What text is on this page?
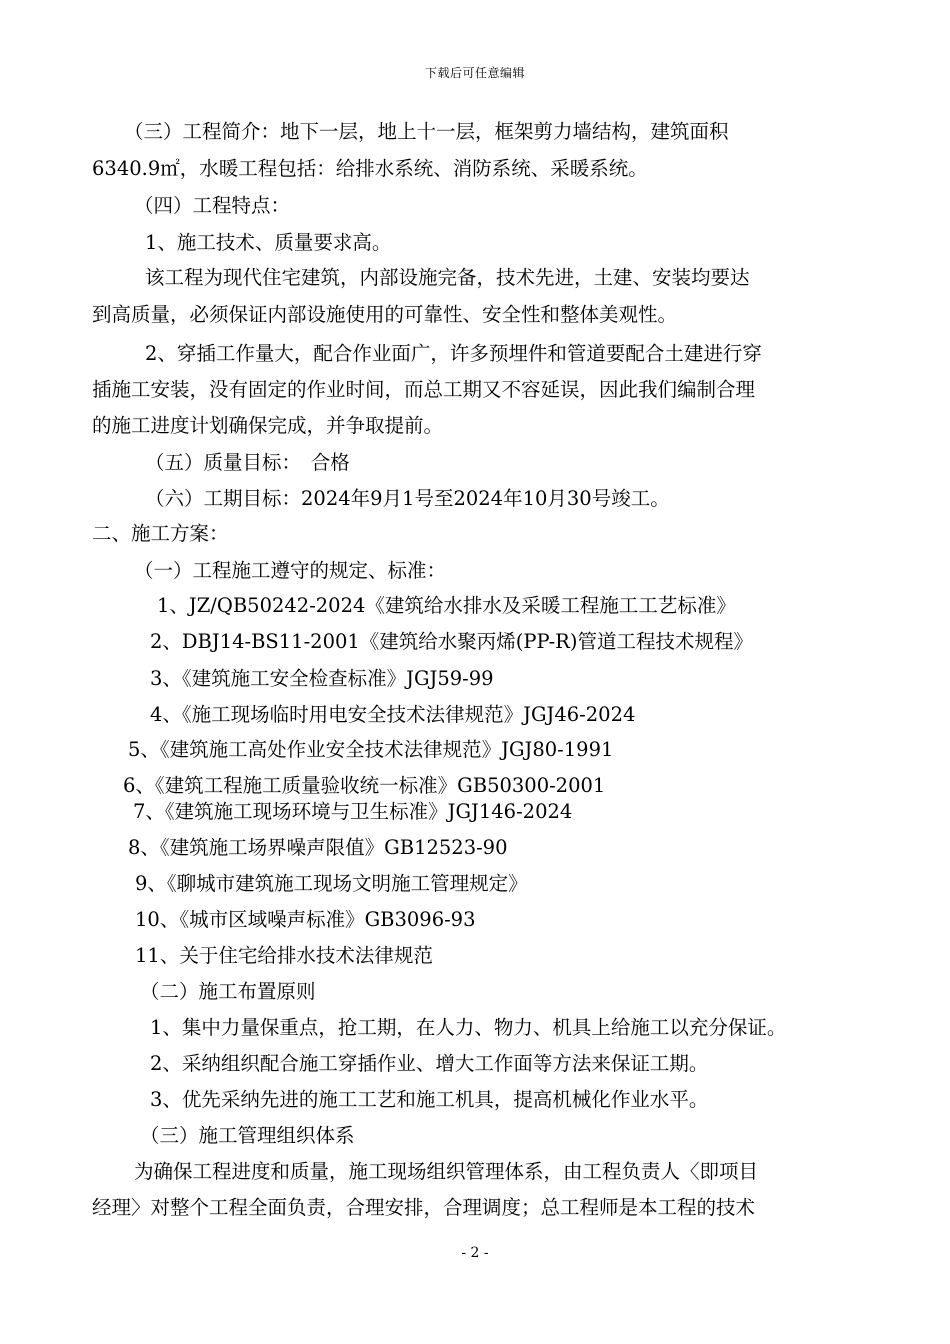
下载后可任意编辑
（三）工程简介：地下一层，地上十一层，框架剪力墙结构，建筑面积
6340.9㎡，水暖工程包括：给排水系统、消防系统、采暖系统。
（四）工程特点：
1、施工技术、质量要求高。
该工程为现代住宅建筑，内部设施完备，技术先进，土建、安装均要达
到高质量，必须保证内部设施使用的可靠性、安全性和整体美观性。
2、穿插工作量大，配合作业面广，许多预埋件和管道要配合土建进行穿
插施工安装，没有固定的作业时间，而总工期又不容延误，因此我们编制合理
的施工进度计划确保完成，并争取提前。
（五）质量目标：　合格
（六）工期目标：2024年9月1号至2024年10月30号竣工。
二、施工方案：
（一）工程施工遵守的规定、标准：
1、JZ/QB50242-2024《建筑给水排水及采暖工程施工工艺标准》
2、DBJ14-BS11-2001《建筑给水聚丙烯(PP-R)管道工程技术规程》
3、《建筑施工安全检查标准》JGJ59-99
4、《施工现场临时用电安全技术法律规范》JGJ46-2024
5、《建筑施工高处作业安全技术法律规范》JGJ80-1991
6、《建筑工程施工质量验收统一标准》GB50300-2001
7、《建筑施工现场环境与卫生标准》JGJ146-2024
8、《建筑施工场界噪声限值》GB12523-90
9、《聊城市建筑施工现场文明施工管理规定》
10、《城市区域噪声标准》GB3096-93
11、关于住宅给排水技术法律规范
（二）施工布置原则
1、集中力量保重点，抢工期，在人力、物力、机具上给施工以充分保证。
2、采纳组织配合施工穿插作业、增大工作面等方法来保证工期。
3、优先采纳先进的施工工艺和施工机具，提高机械化作业水平。
（三）施工管理组织体系
为确保工程进度和质量，施工现场组织管理体系，由工程负责人〈即项目
经理〉对整个工程全面负责，合理安排，合理调度；总工程师是本工程的技术
- 2 -
